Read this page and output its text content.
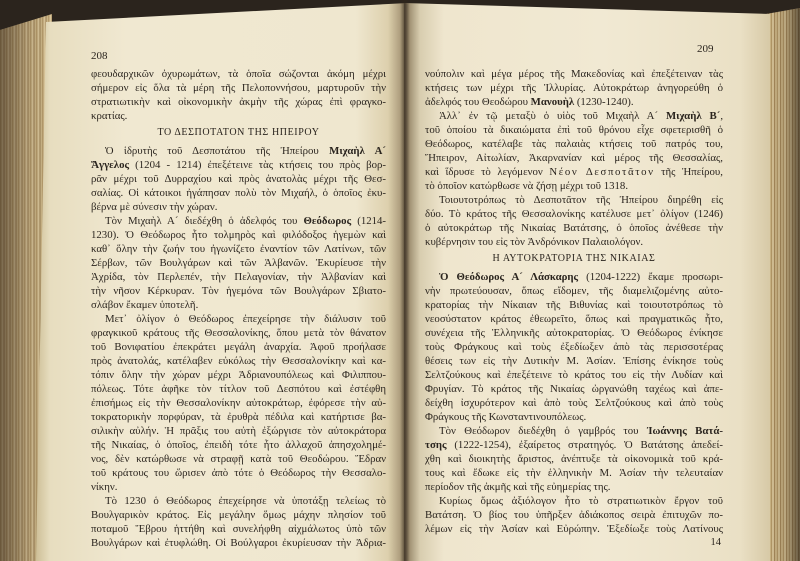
208
209
φεουδαρχικῶν ὀχυρωμάτων, τὰ ὁποῖα σώζονται ἀκόμη μέχρι
σήμερον εἰς ὅλα τὰ μέρη τῆς Πελοποννήσου, μαρτυροῦν τὴν
στρατιωτικὴν καὶ οἰκονομικὴν ἀκμὴν τῆς χώρας ἐπὶ φραγκο-
κρατίας.
ΤΟ ΔΕΣΠΟΤΑΤΟΝ ΤΗΣ ΗΠΕΙΡΟΥ
Ὁ ἱδρυτὴς τοῦ Δεσποτάτου τῆς Ἠπείρου Μιχαὴλ Α´
Ἄγγελος (1204 - 1214) ἐπεξέτεινε τὰς κτήσεις του πρὸς βορ-
ρᾶν μέχρι τοῦ Δυρραχίου καὶ πρὸς ἀνατολὰς μέχρι τῆς Θεσ-
σαλίας. Οἱ κάτοικοι ἠγάπησαν πολὺ τὸν Μιχαήλ, ὁ ὁποῖος ἐκυ-
βέρνα μὲ σύνεσιν τὴν χώραν.
Τὸν Μιχαὴλ Α´ διεδέχθη ὁ ἀδελφός του Θεόδωρος (1214-
1230). Ὁ Θεόδωρος ἦτο τολμηρὸς καὶ φιλόδοξος ἡγεμὼν καὶ
καθ᾽ ὅλην τὴν ζωήν του ἠγωνίζετο ἐναντίον τῶν Λατίνων, τῶν
Σέρβων, τῶν Βουλγάρων καὶ τῶν Ἀλβανῶν. Ἐκυρίευσε τὴν
Ἀχρίδα, τὸν Περλεπέν, τὴν Πελαγονίαν, τὴν Ἀλβανίαν καὶ
τὴν νῆσον Κέρκυραν. Τὸν ἡγεμόνα τῶν Βουλγάρων Σβιατο-
σλάβον ἔκαμεν ὑποτελῆ.
Μετ᾽ ὀλίγον ὁ Θεόδωρος ἐπεχείρησε τὴν διάλυσιν τοῦ
φραγκικοῦ κράτους τῆς Θεσσαλονίκης, ὅπου μετὰ τὸν θάνατον
τοῦ Βονιφατίου ἐπεκράτει μεγάλη ἀναρχία. Ἀφοῦ προήλασε
πρὸς ἀνατολάς, κατέλαβεν εὐκόλως τὴν Θεσσαλονίκην καὶ κα-
τόπιν ὅλην τὴν χώραν μέχρι Ἀδριανουπόλεως καὶ Φιλιππου-
πόλεως. Τότε ἀφῆκε τὸν τίτλον τοῦ Δεσπότου καὶ ἐστέφθη
ἐπισήμως εἰς τὴν Θεσσαλονίκην αὐτοκράτωρ, ἐφόρεσε τὴν αὐ-
τοκρατορικὴν πορφύραν, τὰ ἐρυθρὰ πέδιλα καὶ κατήρτισε βα-
σιλικὴν αὐλήν. Ἡ πρᾶξις του αὐτὴ ἐξώργισε τὸν αὐτοκράτορα
τῆς Νικαίας, ὁ ὁποῖος, ἐπειδὴ τότε ἦτο ἀλλαχοῦ ἀπησχολημέ-
νος, δὲν κατώρθωσε νὰ στραφῇ κατὰ τοῦ Θεοδώρου. Ἕδραν
τοῦ κράτους του ὥρισεν ἀπὸ τότε ὁ Θεόδωρος τὴν Θεσσαλο-
νίκην.
Τὸ 1230 ὁ Θεόδωρος ἐπεχείρησε νὰ ὑποτάξῃ τελείως τὸ
Βουλγαρικὸν κράτος. Εἰς μεγάλην ὅμως μάχην πλησίον τοῦ
ποταμοῦ Ἕβρου ἡττήθη καὶ συνελήφθη αἰχμάλωτος ὑπὸ τῶν
Βουλγάρων καὶ ἐτυφλώθη. Οἱ Βούλγαροι ἐκυρίευσαν τὴν Ἀδρια-
νούπολιν καὶ μέγα μέρος τῆς Μακεδονίας καὶ ἐπεξέτειναν τὰς
κτήσεις των μέχρι τῆς Ἰλλυρίας. Αὐτοκράτωρ ἀνηγορεύθη ὁ
ἀδελφός του Θεοδώρου Μανουὴλ (1230-1240).
Ἀλλ᾽ ἐν τῷ μεταξὺ ὁ υἱὸς τοῦ Μιχαὴλ Α´ Μιχαὴλ Β´,
τοῦ ὁποίου τὰ δικαιώματα ἐπὶ τοῦ θρόνου εἶχε σφετερισθῆ ὁ
Θεόδωρος, κατέλαβε τὰς παλαιὰς κτήσεις τοῦ πατρός του,
Ἤπειρον, Αἰτωλίαν, Ἀκαρνανίαν καὶ μέρος τῆς Θεσσαλίας,
καὶ ἵδρυσε τὸ λεγόμενον Νέον Δεσποτᾶτον τῆς Ἠπείρου,
τὸ ὁποῖον κατώρθωσε νὰ ζήσῃ μέχρι τοῦ 1318.
Τοιουτοτρόπως τὸ Δεσποτᾶτον τῆς Ἠπείρου διηρέθη εἰς
δύο. Τὸ κράτος τῆς Θεσσαλονίκης κατέλυσε μετ᾽ ὀλίγον (1246)
ὁ αὐτοκράτωρ τῆς Νικαίας Βατάτσης, ὁ ὁποῖος ἀνέθεσε τὴν
κυβέρνησιν του εἰς τὸν Ἀνδρόνικον Παλαιολόγον.
Η ΑΥΤΟΚΡΑΤΟΡΙΑ ΤΗΣ ΝΙΚΑΙΑΣ
Ὁ Θεόδωρος Α´ Λάσκαρης (1204-1222) ἔκαμε προσωρι-
νὴν πρωτεύουσαν, ὅπως εἴδομεν, τῆς διαμελιζομένης αὐτο-
κρατορίας τὴν Νίκαιαν τῆς Βιθυνίας καὶ τοιουτοτρόπως τὸ
νεοσύστατον κράτος ἐθεωρεῖτο, ὅπως καὶ πραγματικῶς ἦτο,
συνέχεια τῆς Ἑλληνικῆς αὐτοκρατορίας. Ὁ Θεόδωρος ἐνίκησε
τοὺς Φράγκους καὶ τοὺς ἐξεδίωξεν ἀπὸ τὰς περισσοτέρας
θέσεις των εἰς τὴν Δυτικὴν Μ. Ἀσίαν. Ἐπίσης ἐνίκησε τοὺς
Σελτζούκους καὶ ἐπεξέτεινε τὸ κράτος του εἰς τὴν Λυδίαν καὶ
Φρυγίαν. Τὸ κράτος τῆς Νικαίας ὠργανώθη ταχέως καὶ ἀπε-
δείχθη ἰσχυρότερον καὶ ἀπὸ τοὺς Σελτζούκους καὶ ἀπὸ τοὺς
Φράγκους τῆς Κωνσταντινουπόλεως.
Τὸν Θεόδωρον διεδέχθη ὁ γαμβρός του Ἰωάννης Βατά-
τσης (1222-1254), ἐξαίρετος στρατηγός. Ὁ Βατάτσης ἀπεδεί-
χθη καὶ διοικητὴς ἄριστος, ἀνέπτυξε τὰ οἰκονομικὰ τοῦ κρά-
τους καὶ ἔδωκε εἰς τὴν ἑλληνικὴν Μ. Ἀσίαν τὴν τελευταίαν
περίοδον τῆς ἀκμῆς καὶ τῆς εὐημερίας της.
Κυρίως ὅμως ἀξιόλογον ἦτο τὸ στρατιωτικὸν ἔργον τοῦ
Βατάτση. Ὁ βίος του ὑπῆρξεν ἀδιάκοπος σειρὰ ἐπιτυχῶν πο-
λέμων εἰς τὴν Ἀσίαν καὶ Εὐρώπην. Ἐξεδίωξε τοὺς Λατίνους
14
